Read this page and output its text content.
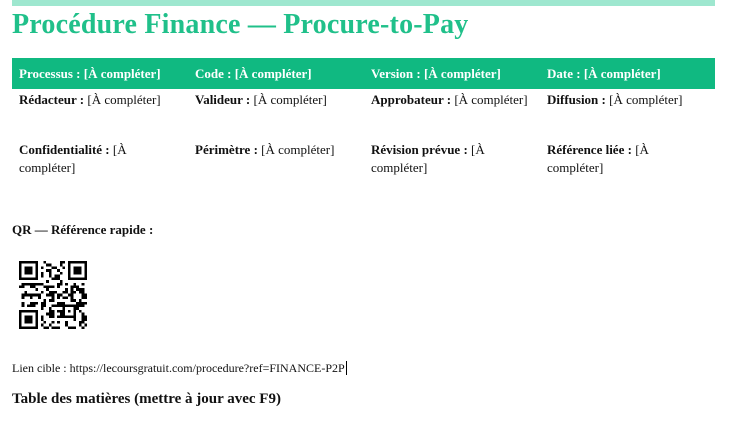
Procédure Finance — Procure-to-Pay
Processus : [À compléter]	Code : [À compléter]	Version : [À compléter]	Date : [À compléter]
Rédacteur : [À compléter]	Valideur : [À compléter]	Approbateur : [À compléter]	Diffusion : [À compléter]
Confidentialité : [À compléter]	Périmètre : [À compléter]	Révision prévue : [À compléter]	Référence liée : [À compléter]
QR — Référence rapide :
Lien cible : https://lecoursgratuit.com/procedure?ref=FINANCE-P2P
Table des matières (mettre à jour avec F9)
